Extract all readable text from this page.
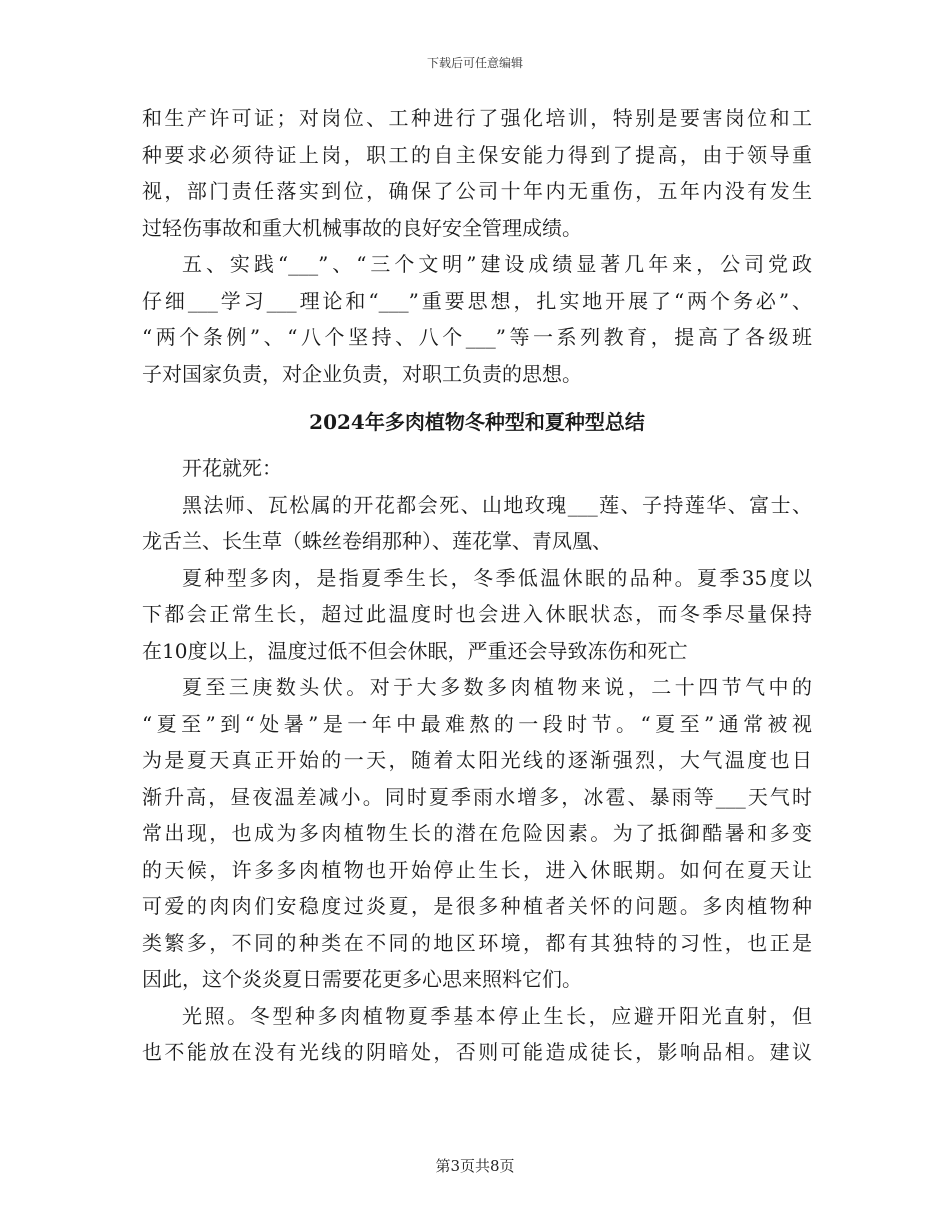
下载后可任意编辑
和生产许可证；对岗位、工种进行了强化培训，特别是要害岗位和工
种要求必须待证上岗，职工的自主保安能力得到了提高，由于领导重
视，部门责任落实到位，确保了公司十年内无重伤，五年内没有发生
过轻伤事故和重大机械事故的良好安全管理成绩。
五、实践“___”、“三个文明”建设成绩显著几年来，公司党政
仔细___学习___理论和“___”重要思想，扎实地开展了“两个务必”、
“两个条例”、“八个坚持、八个___”等一系列教育，提高了各级班
子对国家负责，对企业负责，对职工负责的思想。
2024年多肉植物冬种型和夏种型总结
开花就死：
黑法师、瓦松属的开花都会死、山地玫瑰___莲、子持莲华、富士、
龙舌兰、长生草（蛛丝卷绢那种）、莲花掌、青凤凰、
夏种型多肉，是指夏季生长，冬季低温休眠的品种。夏季35度以
下都会正常生长，超过此温度时也会进入休眠状态，而冬季尽量保持
在10度以上，温度过低不但会休眠，严重还会导致冻伤和死亡
夏至三庚数头伏。对于大多数多肉植物来说，二十四节气中的
“夏至”到“处暑”是一年中最难熬的一段时节。“夏至”通常被视
为是夏天真正开始的一天，随着太阳光线的逐渐强烈，大气温度也日
渐升高，昼夜温差减小。同时夏季雨水增多，冰雹、暴雨等___天气时
常出现，也成为多肉植物生长的潜在危险因素。为了抵御酷暑和多变
的天候，许多多肉植物也开始停止生长，进入休眠期。如何在夏天让
可爱的肉肉们安稳度过炎夏，是很多种植者关怀的问题。多肉植物种
类繁多，不同的种类在不同的地区环境，都有其独特的习性，也正是
因此，这个炎炎夏日需要花更多心思来照料它们。
光照。冬型种多肉植物夏季基本停止生长，应避开阳光直射，但
也不能放在没有光线的阴暗处，否则可能造成徒长，影响品相。建议
第3页共8页
